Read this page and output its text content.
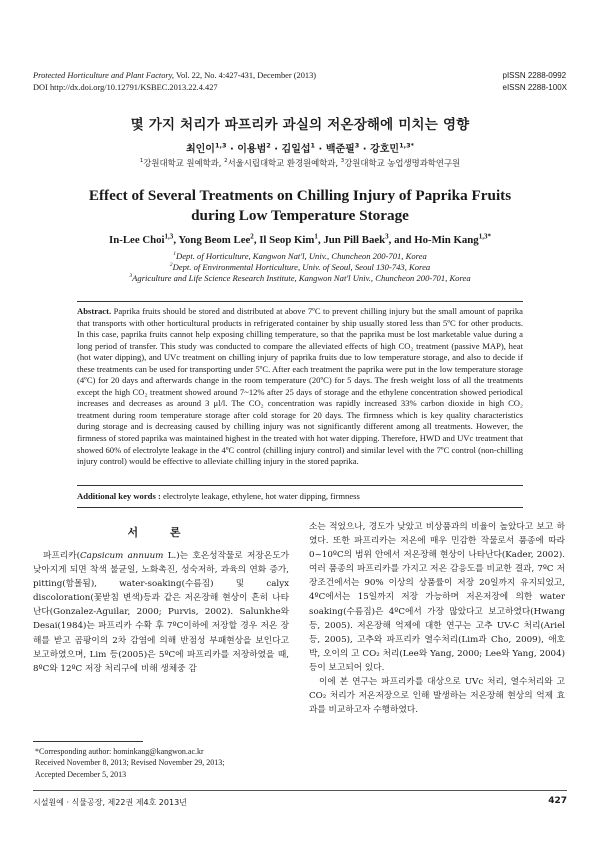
Protected Horticulture and Plant Factory, Vol. 22, No. 4:427-431, December (2013)
DOI http://dx.doi.org/10.12791/KSBEC.2013.22.4.427
pISSN 2288-0992
eISSN 2288-100X
몇 가지 처리가 파프리카 과실의 저온장해에 미치는 영향
최인이$^{1,3}$ · 이용범$^2$ · 김일섭$^1$ · 백준필$^3$ · 강호민$^{1,3*}$
$^1$강원대학교 원예학과, $^2$서울시립대학교 환경원예학과, $^3$강원대학교 농업생명과학연구원
Effect of Several Treatments on Chilling Injury of Paprika Fruits
during Low Temperature Storage
In-Lee Choi$^{1,3}$, Yong Beom Lee$^2$, Il Seop Kim$^1$, Jun Pill Baek$^3$, and Ho-Min Kang$^{1,3*}$
$^1$Dept. of Horticulture, Kangwon Nat'l, Univ., Chuncheon 200-701, Korea
$^2$Dept. of Environmental Horticulture, Univ. of Seoul, Seoul 130-743, Korea
$^3$Agriculture and Life Science Research Institute, Kangwon Nat'l Univ., Chuncheon 200-701, Korea
Abstract. Paprika fruits should be stored and distributed at above 7ºC to prevent chilling injury but the small amount of paprika that transports with other horticultural products in refrigerated container by ship usually stored less than 5ºC for other products. In this case, paprika fruits cannot help exposing chilling temperature, so that the paprika must be lost marketable value during a long period of transfer. This study was conducted to compare the alleviated effects of high CO₂ treatment (passive MAP), heat (hot water dipping), and UVc treatment on chilling injury of paprika fruits due to low temperature storage, and also to decide if these treatments can be used for transporting under 5ºC. After each treatment the paprika were put in the low temperature storage (4ºC) for 20 days and afterwards change in the room temperature (20ºC) for 5 days. The fresh weight loss of all the treatments except the high CO₂ treatment showed around 7~12% after 25 days of storage and the ethylene concentration showed periodical increases and decreases as around 3 μl/l. The CO₂ concentration was rapidly increased 33% carbon dioxide in high CO₂ treatment during room temperature storage after cold storage for 20 days. The firmness which is key quality characteristics during storage and is decreasing caused by chilling injury was not significantly different among all treatments. However, the firmness of stored paprika was maintained highest in the treated with hot water dipping. Therefore, HWD and UVc treatment that showed 60% of electrolyte leakage in the 4ºC control (chilling injury control) and similar level with the 7ºC control (non-chilling injury control) would be effective to alleviate chilling injury in the stored paprika.
Additional key words : electrolyte leakage, ethylene, hot water dipping, firmness
서 론

파프리카(Capsicum annuum L.)는 호온성작물로 저장온도가 낮아지게 되면 착색 불균일, 노화촉진, 성숙저하, 과육의 연화 증가, pitting(함몰됨), water-soaking(수름짐) 및 calyx discoloration(꽃받침 변색)등과 같은 저온장해 현상이 흔히 나타난다(Gonzalez-Aguilar, 2000; Purvis, 2002). Salunkhe와 Desai(1984)는 파프리카 수확 후 7ºC이하에 저장할 경우 저온 장해를 받고 곰팡이의 2차 감염에 의해 반점성 부패현상을 보인다고 보고하였으며, Lim 등(2005)은 5ºC에 파프리카를 저장하였을 때, 8ºC와 12ºC 저장 처리구에 비해 생체중 감

소는 적었으나, 경도가 낮았고 비상품과의 비율이 높았다고 보고 하였다. 또한 파프리카는 저온에 매우 민감한 작물로서 품종에 따라 0~10ºC의 범위 안에서 저온장해 현상이 나타난다(Kader, 2002). 여러 품종의 파프리카를 가지고 저온 감응도를 비교한 결과, 7ºC 저장조건에서는 90% 이상의 상품률이 저장 20일까지 유지되었고, 4ºC에서는 15일까지 저장 가능하며 저온저장에 의한 water soaking(수름짐)은 4ºC에서 가장 많았다고 보고하였다(Hwang 등, 2005). 저온장해 억제에 대한 연구는 고추 UV-C 처리(Ariel 등, 2005), 고추와 파프리카 열수처리(Lim과 Cho, 2009), 애호박, 오이의 고 CO₂ 처리(Lee와 Yang, 2000; Lee와 Yang, 2004) 등이 보고되어 있다.

이에 본 연구는 파프리카를 대상으로 UVc 처리, 열수처리와 고 CO₂ 처리가 저온저장으로 인해 발생하는 저온장해 현상의 억제 효과를 비교하고자 수행하였다.

*Corresponding author: hominkang@kangwon.ac.kr
Received November 8, 2013; Revised November 29, 2013;
Accepted December 5, 2013
시설원예 · 식물공장, 제22권 제4호 2013년	427
